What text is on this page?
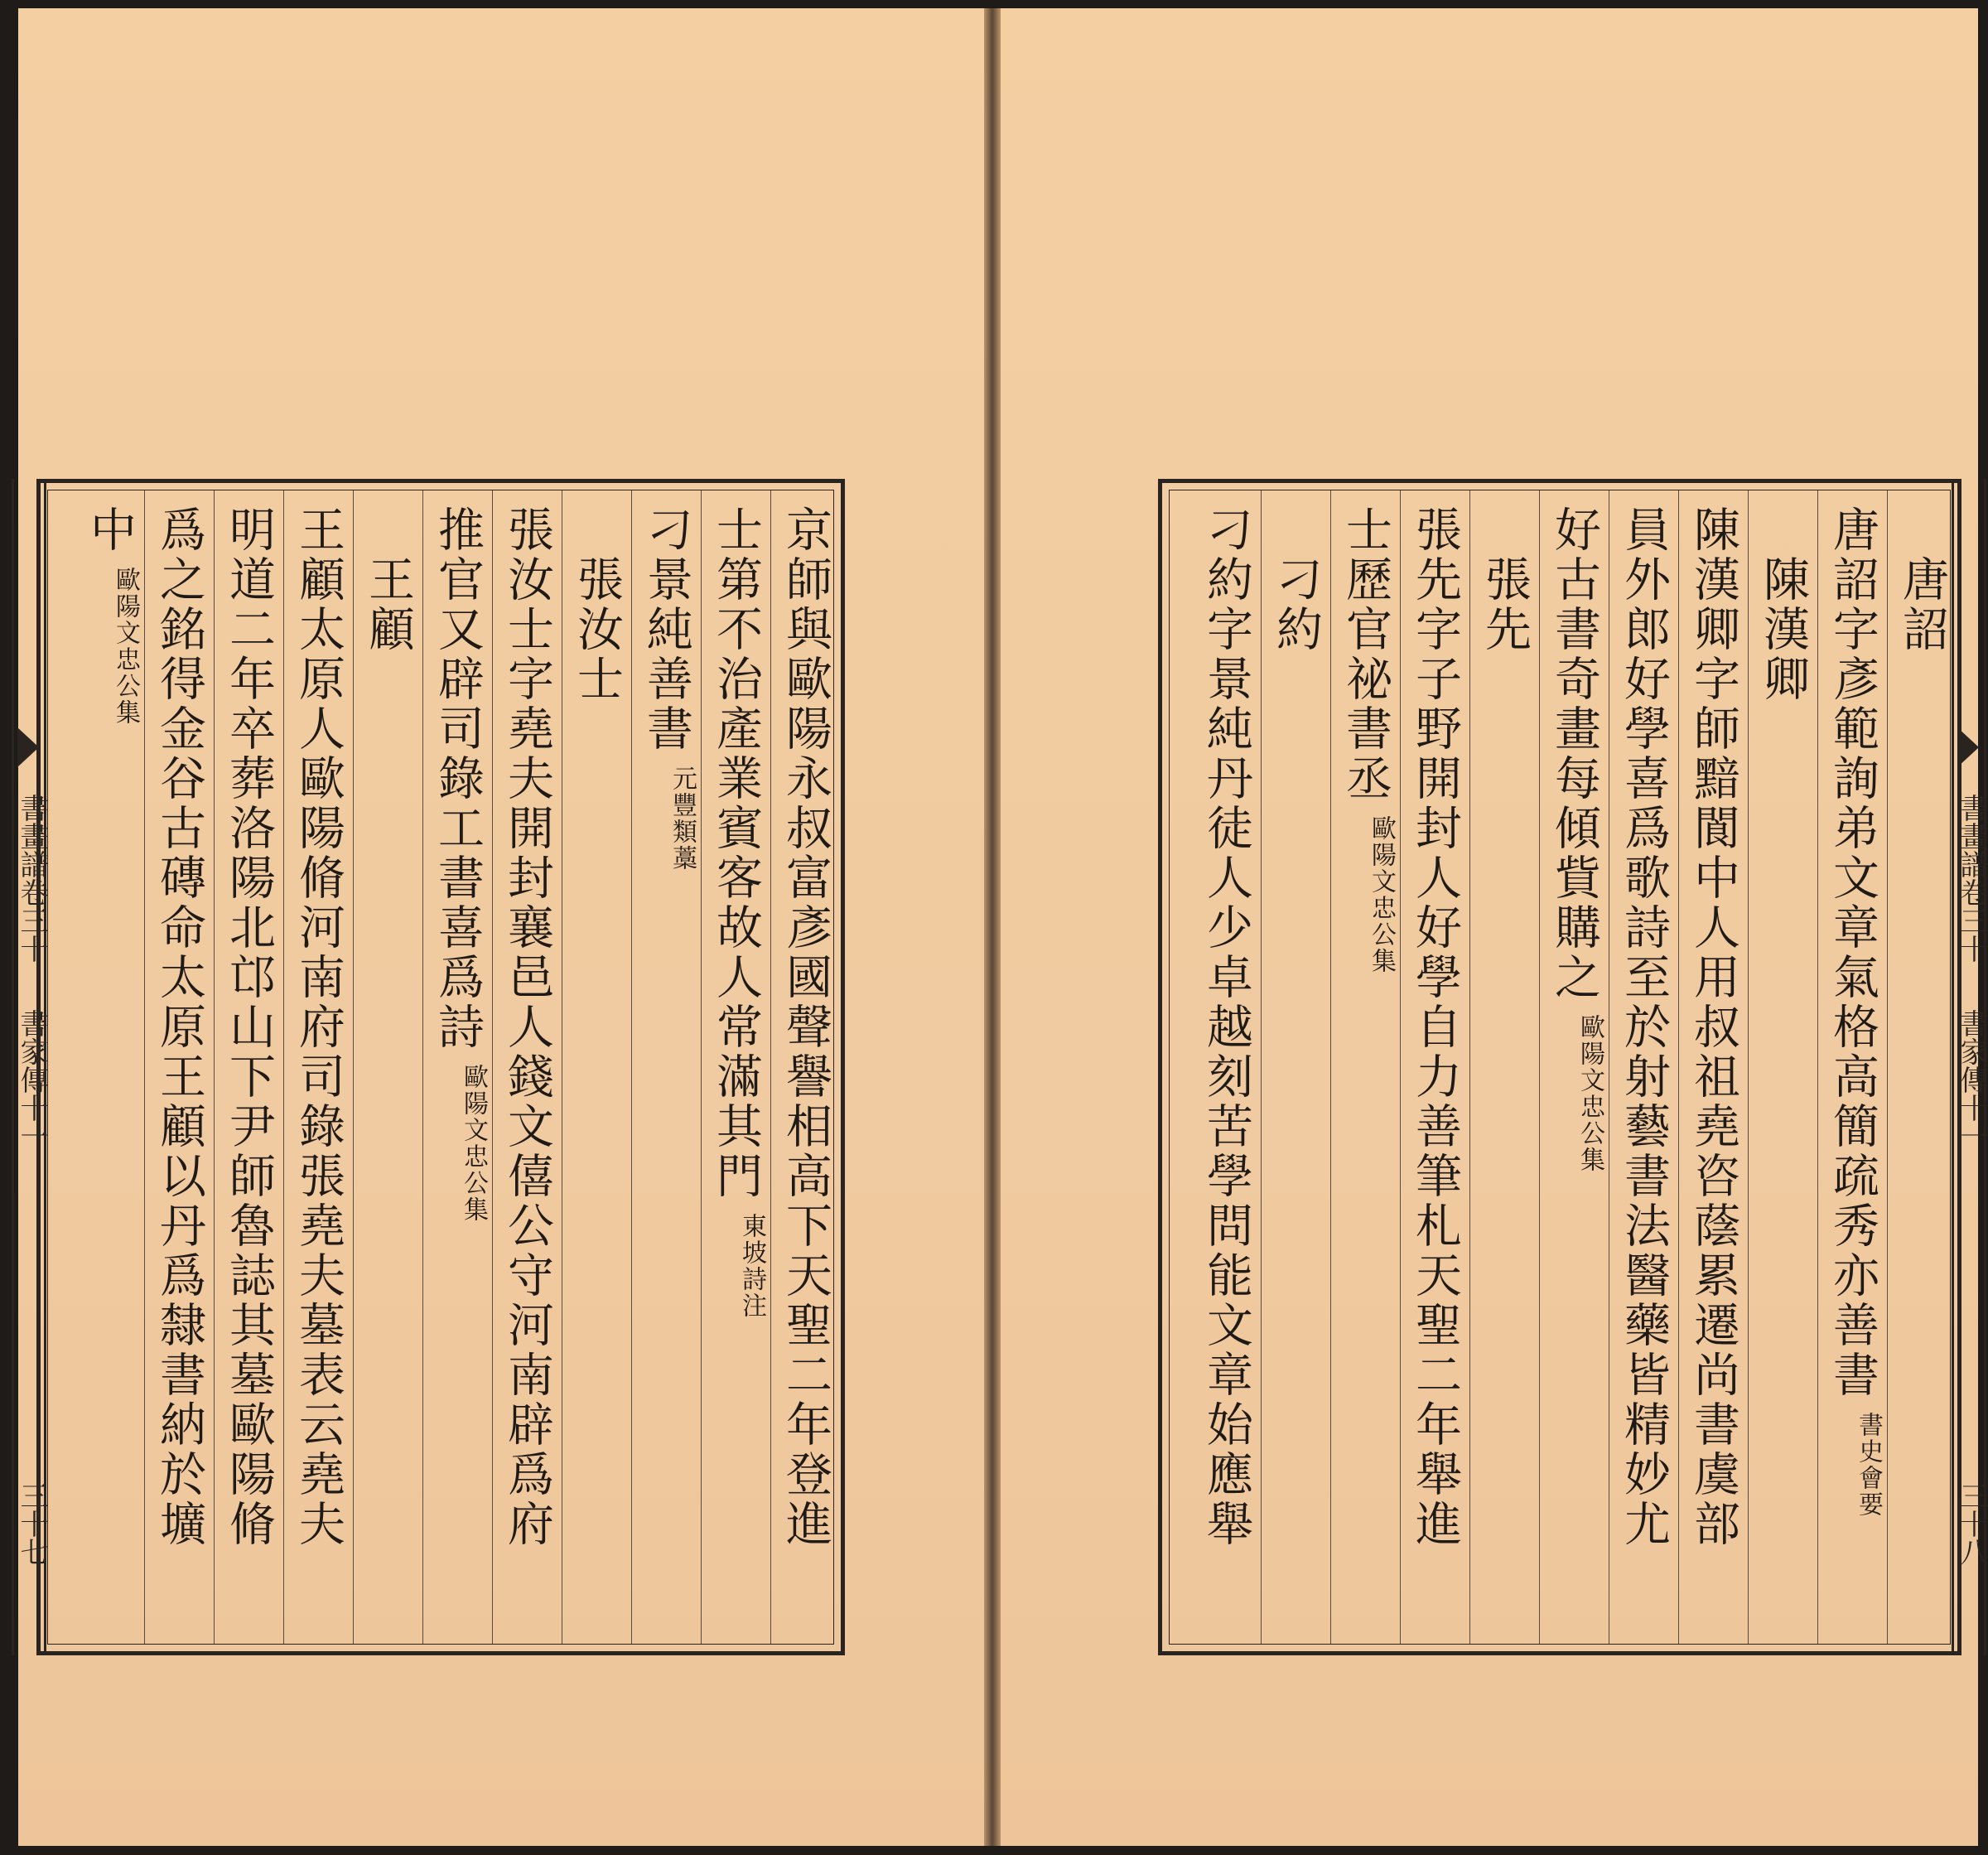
京師與歐陽永叔富彥國聲譽相高下天聖二年登進
士第不治產業賓客故人常滿其門東坡詩注
刁景純善書元豐類藁
　張汝士
張汝士字堯夫開封襄邑人錢文僖公守河南辟爲府
推官又辟司錄工書喜爲詩歐陽文忠公集
　王顧
王顧太原人歐陽脩河南府司錄張堯夫墓表云堯夫
明道二年卒葬洛陽北邙山下尹師魯誌其墓歐陽脩
爲之銘得金谷古磚命太原王顧以丹爲隸書納於壙
中歐陽文忠公集
書畫譜卷三十
書家傳十一
三十七
　唐詔
唐詔字彥範詢弟文章氣格高簡疏秀亦善書書史會要
　陳漢卿
陳漢卿字師黯閬中人用叔祖堯咨蔭累遷尚書虞部
員外郎好學喜爲歌詩至於射藝書法醫藥皆精妙尤
好古書奇畫每傾貲購之歐陽文忠公集
　張先
張先字子野開封人好學自力善筆札天聖二年舉進
士歷官祕書丞歐陽文忠公集
　刁約
刁約字景純丹徒人少卓越刻苦學問能文章始應舉	書畫譜卷三十
書家傳十一
三十八
